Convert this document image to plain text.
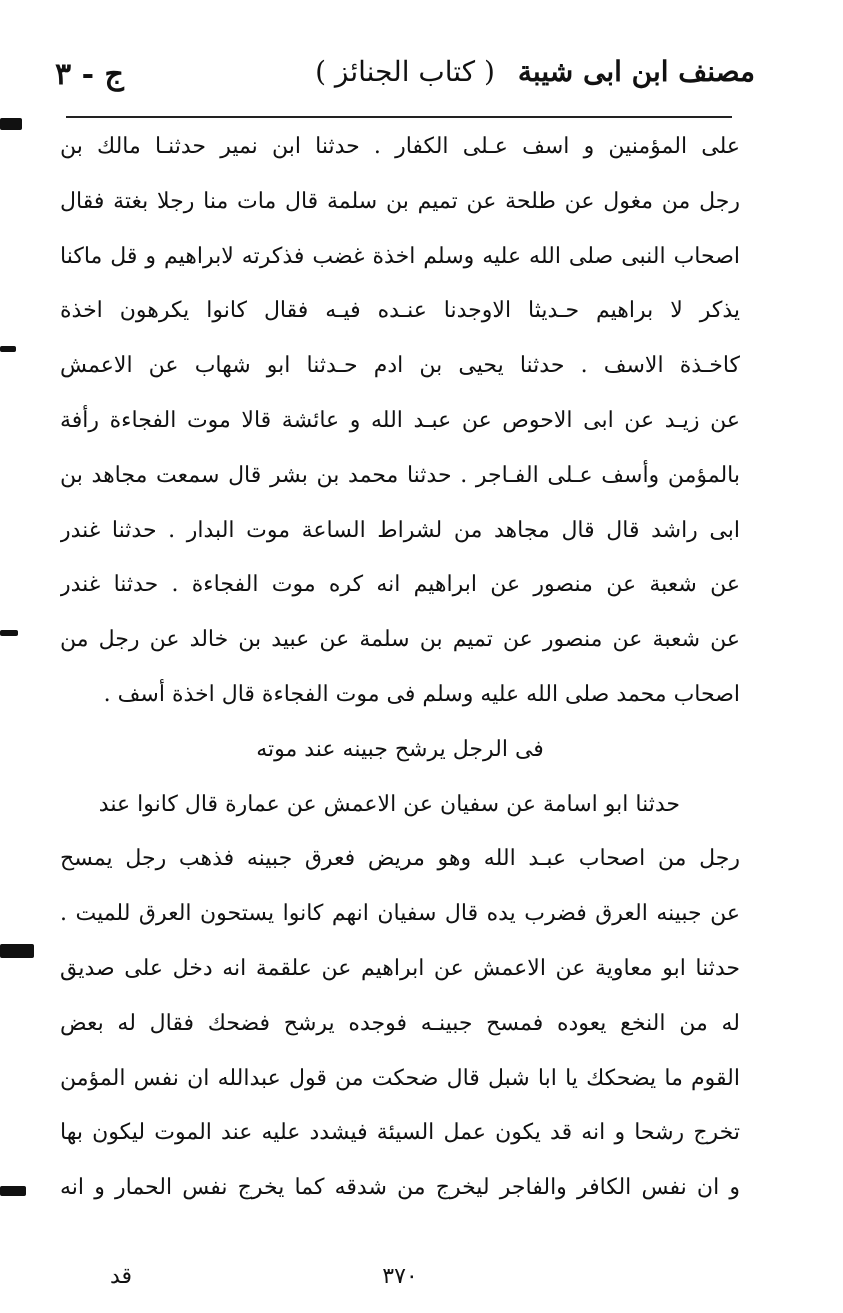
مصنف ابن ابى شيبة
( كتاب الجنائز )
ج - ٣
على المؤمنين و اسف عـلى الكفار . حدثنا ابن نمير حدثنـا مالك بن
رجل من مغول عن طلحة عن تميم بن سلمة قال مات منا رجلا بغتة فقال
اصحاب النبى صلى الله عليه وسلم اخذة غضب فذكرته لابراهيم و قل ماكنا
يذكر لا براهيم حـديثا الاوجدنا عنـده فيـه فقال كانوا يكرهون اخذة
كاخـذة الاسف . حدثنا يحيى بن ادم حـدثنا ابو شهاب عن الاعمش
عن زيـد عن ابى الاحوص عن عبـد الله و عائشة قالا موت الفجاءة رأفة
بالمؤمن وأسف عـلى الفـاجر . حدثنا محمد بن بشر قال سمعت مجاهد بن
ابى راشد قال قال مجاهد من لشراط الساعة موت البدار . حدثنا غندر
عن شعبة عن منصور عن ابراهيم انه كره موت الفجاءة . حدثنا غندر
عن شعبة عن منصور عن تميم بن سلمة عن عبيد بن خالد عن رجل من
اصحاب محمد صلى الله عليه وسلم فى موت الفجاءة قال اخذة أسف .
فى الرجل يرشح جبينه عند موته
حدثنا ابو اسامة عن سفيان عن الاعمش عن عمارة قال كانوا عند
رجل من اصحاب عبـد الله وهو مريض فعرق جبينه فذهب رجل يمسح
عن جبينه العرق فضرب يده قال سفيان انهم كانوا يستحون العرق للميت .
حدثنا ابو معاوية عن الاعمش عن ابراهيم عن علقمة انه دخل على صديق
له من النخع يعوده فمسح جبينـه فوجده يرشح فضحك فقال له بعض
القوم ما يضحكك يا ابا شبل قال ضحكت من قول عبدالله ان نفس المؤمن
تخرج رشحا و انه قد يكون عمل السيئة فيشدد عليه عند الموت ليكون بها
و ان نفس الكافر والفاجر ليخرج من شدقه كما يخرج نفس الحمار و انه
قد	٣٧٠
